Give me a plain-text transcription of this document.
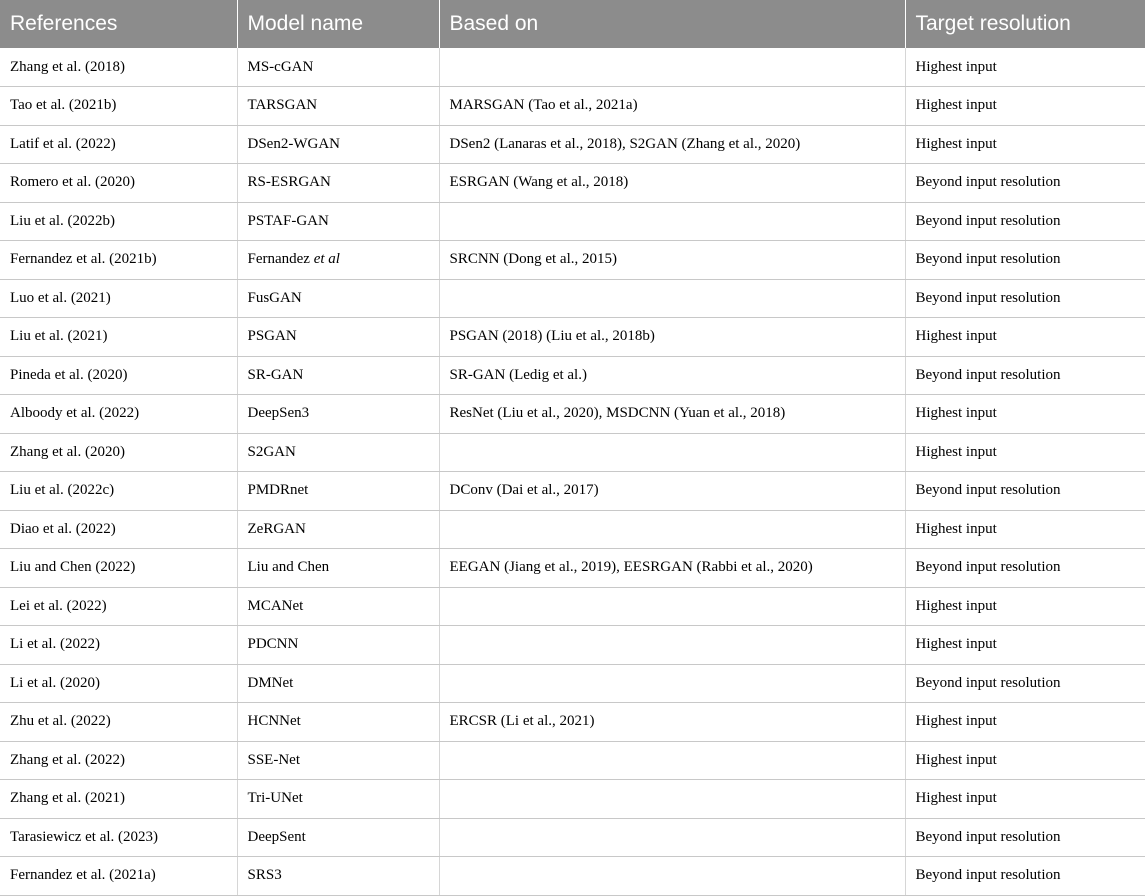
References	Model name	Based on	Target resolution
Zhang et al. (2018)	MS-cGAN		Highest input
Tao et al. (2021b)	TARSGAN	MARSGAN (Tao et al., 2021a)	Highest input
Latif et al. (2022)	DSen2-WGAN	DSen2 (Lanaras et al., 2018), S2GAN (Zhang et al., 2020)	Highest input
Romero et al. (2020)	RS-ESRGAN	ESRGAN (Wang et al., 2018)	Beyond input resolution
Liu et al. (2022b)	PSTAF-GAN		Beyond input resolution
Fernandez et al. (2021b)	Fernandez et al	SRCNN (Dong et al., 2015)	Beyond input resolution
Luo et al. (2021)	FusGAN		Beyond input resolution
Liu et al. (2021)	PSGAN	PSGAN (2018) (Liu et al., 2018b)	Highest input
Pineda et al. (2020)	SR-GAN	SR-GAN (Ledig et al.)	Beyond input resolution
Alboody et al. (2022)	DeepSen3	ResNet (Liu et al., 2020), MSDCNN (Yuan et al., 2018)	Highest input
Zhang et al. (2020)	S2GAN		Highest input
Liu et al. (2022c)	PMDRnet	DConv (Dai et al., 2017)	Beyond input resolution
Diao et al. (2022)	ZeRGAN		Highest input
Liu and Chen (2022)	Liu and Chen	EEGAN (Jiang et al., 2019), EESRGAN (Rabbi et al., 2020)	Beyond input resolution
Lei et al. (2022)	MCANet		Highest input
Li et al. (2022)	PDCNN		Highest input
Li et al. (2020)	DMNet		Beyond input resolution
Zhu et al. (2022)	HCNNet	ERCSR (Li et al., 2021)	Highest input
Zhang et al. (2022)	SSE-Net		Highest input
Zhang et al. (2021)	Tri-UNet		Highest input
Tarasiewicz et al. (2023)	DeepSent		Beyond input resolution
Fernandez et al. (2021a)	SRS3		Beyond input resolution
